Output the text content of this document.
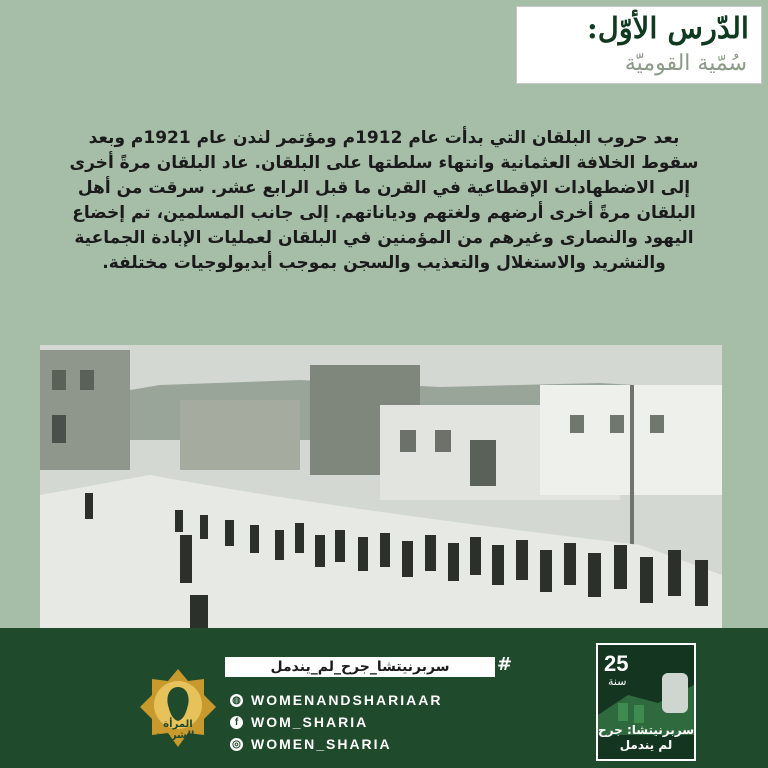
الدّرس الأوّل:
سُمّية القوميّة
بعد حروب البلقان التي بدأت عام 1912م ومؤتمر لندن عام 1921م وبعد سقوط الخلافة العثمانية وانتهاء سلطتها على البلقان. عاد البلقان مرةً أخرى إلى الاضطهادات الإقطاعية في القرن ما قبل الرابع عشر. سرقت من أهل البلقان مرةً أخرى أرضهم ولغتهم ودياناتهم. إلى جانب المسلمين، تم إخضاع اليهود والنصارى وغيرهم من المؤمنين في البلقان لعمليات الإبادة الجماعية والتشريد والاستغلال والتعذيب والسجن بموجب أيديولوجيات مختلفة.
#
سربرنيتشا_جرح_لم_يندمل
◍ WOMENANDSHARIAAR
f WOM_SHARIA
◎ WOMEN_SHARIA
المرأة والشريعة
25
سنة
سربرنيتشا: جرح لم يندمل
